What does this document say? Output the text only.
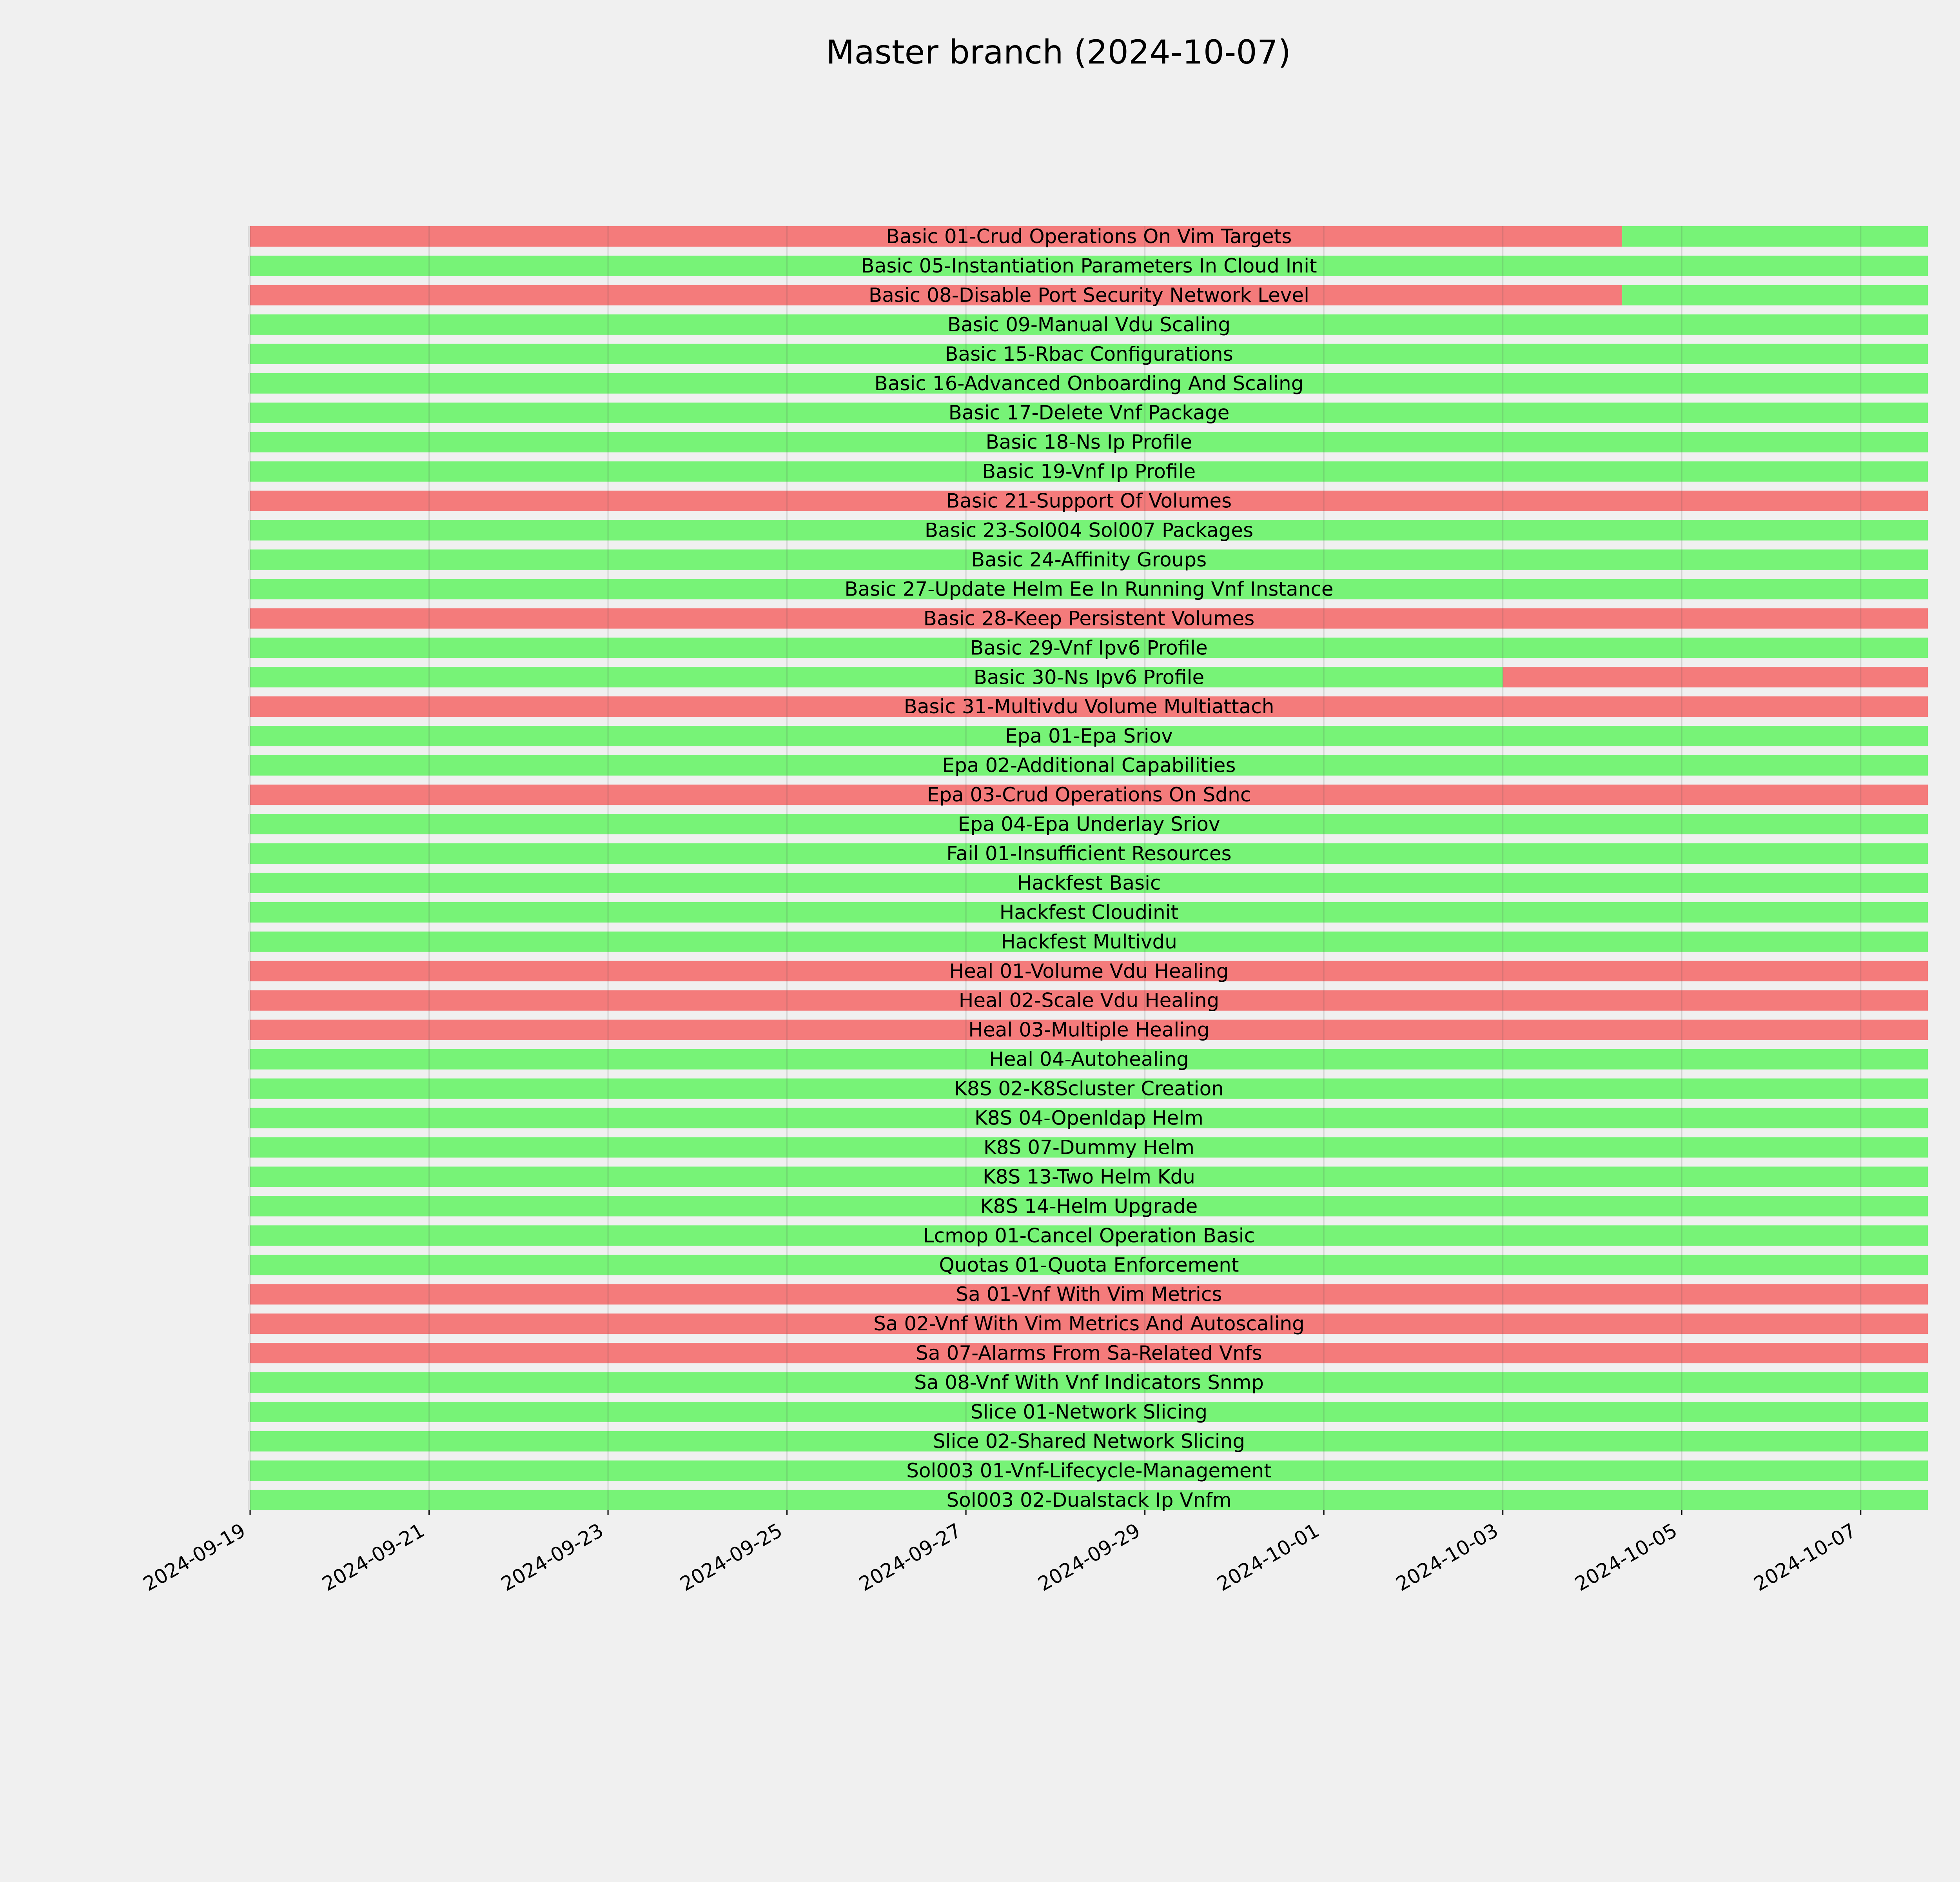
Master branch (2024-10-07)
Basic 01-Crud Operations On Vim Targets
Basic 05-Instantiation Parameters In Cloud Init
Basic 08-Disable Port Security Network Level
Basic 09-Manual Vdu Scaling
Basic 15-Rbac Configurations
Basic 16-Advanced Onboarding And Scaling
Basic 17-Delete Vnf Package
Basic 18-Ns Ip Profile
Basic 19-Vnf Ip Profile
Basic 21-Support Of Volumes
Basic 23-Sol004 Sol007 Packages
Basic 24-Affinity Groups
Basic 27-Update Helm Ee In Running Vnf Instance
Basic 28-Keep Persistent Volumes
Basic 29-Vnf Ipv6 Profile
Basic 30-Ns Ipv6 Profile
Basic 31-Multivdu Volume Multiattach
Epa 01-Epa Sriov
Epa 02-Additional Capabilities
Epa 03-Crud Operations On Sdnc
Epa 04-Epa Underlay Sriov
Fail 01-Insufficient Resources
Hackfest Basic
Hackfest Cloudinit
Hackfest Multivdu
Heal 01-Volume Vdu Healing
Heal 02-Scale Vdu Healing
Heal 03-Multiple Healing
Heal 04-Autohealing
K8S 02-K8Scluster Creation
K8S 04-Openldap Helm
K8S 07-Dummy Helm
K8S 13-Two Helm Kdu
K8S 14-Helm Upgrade
Lcmop 01-Cancel Operation Basic
Quotas 01-Quota Enforcement
Sa 01-Vnf With Vim Metrics
Sa 02-Vnf With Vim Metrics And Autoscaling
Sa 07-Alarms From Sa-Related Vnfs
Sa 08-Vnf With Vnf Indicators Snmp
Slice 01-Network Slicing
Slice 02-Shared Network Slicing
Sol003 01-Vnf-Lifecycle-Management
Sol003 02-Dualstack Ip Vnfm
2024-09-19	2024-09-21	2024-09-23	2024-09-25	2024-09-27	2024-09-29	2024-10-01	2024-10-03	2024-10-05	2024-10-07
